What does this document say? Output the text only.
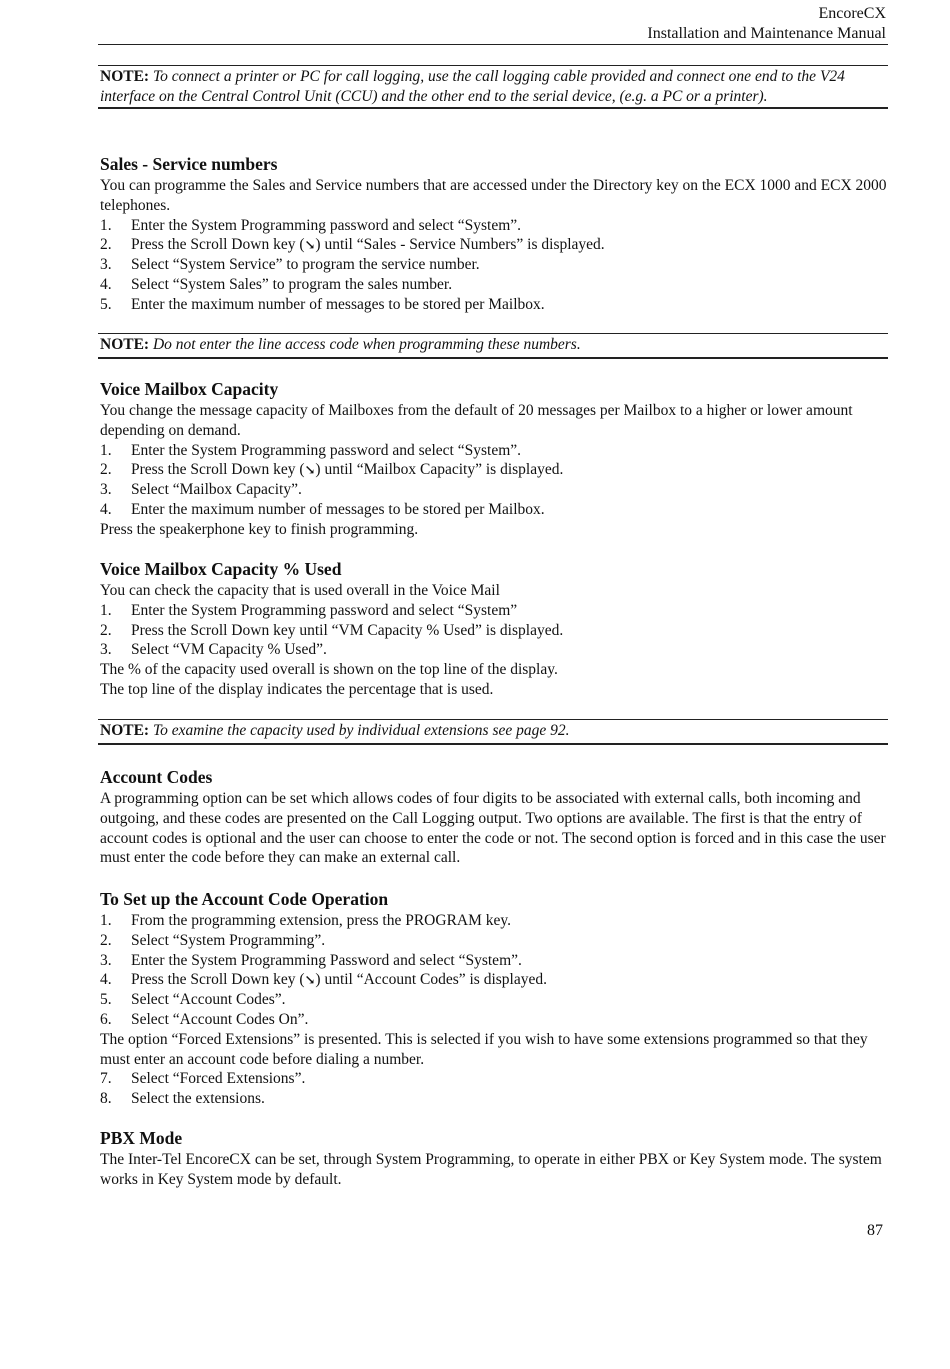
EncoreCX
Installation and Maintenance Manual
NOTE: To connect a printer or PC for call logging, use the call logging cable provided and connect one end to the V24 interface on the Central Control Unit (CCU) and the other end to the serial device, (e.g. a PC or a printer).
Sales - Service numbers

You can programme the Sales and Service numbers that are accessed under the Directory key on the ECX 1000 and ECX 2000 telephones.

1. Enter the System Programming password and select “System”.
2. Press the Scroll Down key (↘) until “Sales - Service Numbers” is displayed.
3. Select “System Service” to program the service number.
4. Select “System Sales” to program the sales number.
5. Enter the maximum number of messages to be stored per Mailbox.
NOTE: Do not enter the line access code when programming these numbers.
Voice Mailbox Capacity

You change the message capacity of Mailboxes from the default of 20 messages per Mailbox to a higher or lower amount depending on demand.

1. Enter the System Programming password and select “System”.
2. Press the Scroll Down key (↘) until “Mailbox Capacity” is displayed.
3. Select “Mailbox Capacity”.
4. Enter the maximum number of messages to be stored per Mailbox.

Press the speakerphone key to finish programming.

Voice Mailbox Capacity % Used

You can check the capacity that is used overall in the Voice Mail

1. Enter the System Programming password and select “System”
2. Press the Scroll Down key until “VM Capacity % Used” is displayed.
3. Select “VM Capacity % Used”.

The % of the capacity used overall is shown on the top line of the display.

The top line of the display indicates the percentage that is used.

NOTE: To examine the capacity used by individual extensions see page 92.
Account Codes

A programming option can be set which allows codes of four digits to be associated with external calls, both incoming and outgoing, and these codes are presented on the Call Logging output. Two options are available. The first is that the entry of account codes is optional and the user can choose to enter the code or not. The second option is forced and in this case the user must enter the code before they can make an external call.

To Set up the Account Code Operation
1. From the programming extension, press the PROGRAM key.
2. Select “System Programming”.
3. Enter the System Programming Password and select “System”.
4. Press the Scroll Down key (↘) until “Account Codes” is displayed.
5. Select “Account Codes”.
6. Select “Account Codes On”.

The option “Forced Extensions” is presented. This is selected if you wish to have some extensions programmed so that they must enter an account code before dialing a number.

7. Select “Forced Extensions”.
8. Select the extensions.
PBX Mode

The Inter-Tel EncoreCX can be set, through System Programming, to operate in either PBX or Key System mode. The system works in Key System mode by default.

87
